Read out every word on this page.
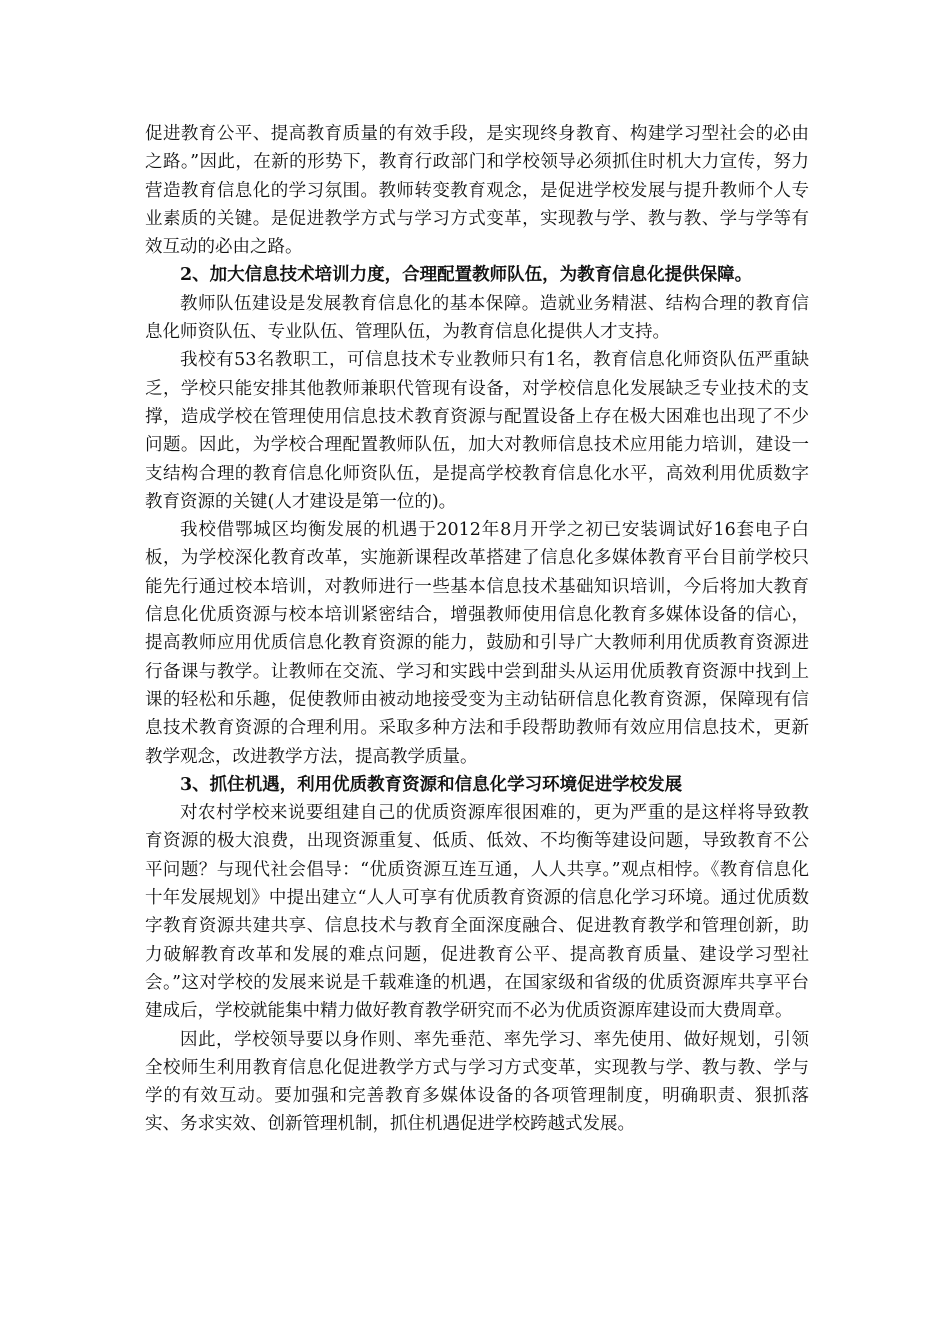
促进教育公平、提高教育质量的有效手段，是实现终身教育、构建学习型社会的必由之路。”因此，在新的形势下，教育行政部门和学校领导必须抓住时机大力宣传，努力营造教育信息化的学习氛围。教师转变教育观念，是促进学校发展与提升教师个人专业素质的关键。是促进教学方式与学习方式变革，实现教与学、教与教、学与学等有效互动的必由之路。

2、加大信息技术培训力度，合理配置教师队伍，为教育信息化提供保障。

教师队伍建设是发展教育信息化的基本保障。造就业务精湛、结构合理的教育信息化师资队伍、专业队伍、管理队伍，为教育信息化提供人才支持。

我校有53名教职工，可信息技术专业教师只有1名，教育信息化师资队伍严重缺乏，学校只能安排其他教师兼职代管现有设备，对学校信息化发展缺乏专业技术的支撑，造成学校在管理使用信息技术教育资源与配置设备上存在极大困难也出现了不少问题。因此，为学校合理配置教师队伍，加大对教师信息技术应用能力培训，建设一支结构合理的教育信息化师资队伍，是提高学校教育信息化水平，高效利用优质数字教育资源的关键(人才建设是第一位的)。

我校借鄂城区均衡发展的机遇于2012年8月开学之初已安装调试好16套电子白板，为学校深化教育改革，实施新课程改革搭建了信息化多媒体教育平台目前学校只能先行通过校本培训，对教师进行一些基本信息技术基础知识培训，今后将加大教育信息化优质资源与校本培训紧密结合，增强教师使用信息化教育多媒体设备的信心，提高教师应用优质信息化教育资源的能力，鼓励和引导广大教师利用优质教育资源进行备课与教学。让教师在交流、学习和实践中尝到甜头从运用优质教育资源中找到上课的轻松和乐趣，促使教师由被动地接受变为主动钻研信息化教育资源，保障现有信息技术教育资源的合理利用。采取多种方法和手段帮助教师有效应用信息技术，更新教学观念，改进教学方法，提高教学质量。

3、抓住机遇，利用优质教育资源和信息化学习环境促进学校发展

对农村学校来说要组建自己的优质资源库很困难的，更为严重的是这样将导致教育资源的极大浪费，出现资源重复、低质、低效、不均衡等建设问题，导致教育不公平问题？与现代社会倡导：“优质资源互连互通，人人共享。”观点相悖。《教育信息化十年发展规划》中提出建立“人人可享有优质教育资源的信息化学习环境。通过优质数字教育资源共建共享、信息技术与教育全面深度融合、促进教育教学和管理创新，助力破解教育改革和发展的难点问题，促进教育公平、提高教育质量、建设学习型社会。”这对学校的发展来说是千载难逢的机遇，在国家级和省级的优质资源库共享平台建成后，学校就能集中精力做好教育教学研究而不必为优质资源库建设而大费周章。

因此，学校领导要以身作则、率先垂范、率先学习、率先使用、做好规划，引领全校师生利用教育信息化促进教学方式与学习方式变革，实现教与学、教与教、学与学的有效互动。要加强和完善教育多媒体设备的各项管理制度，明确职责、狠抓落实、务求实效、创新管理机制，抓住机遇促进学校跨越式发展。
